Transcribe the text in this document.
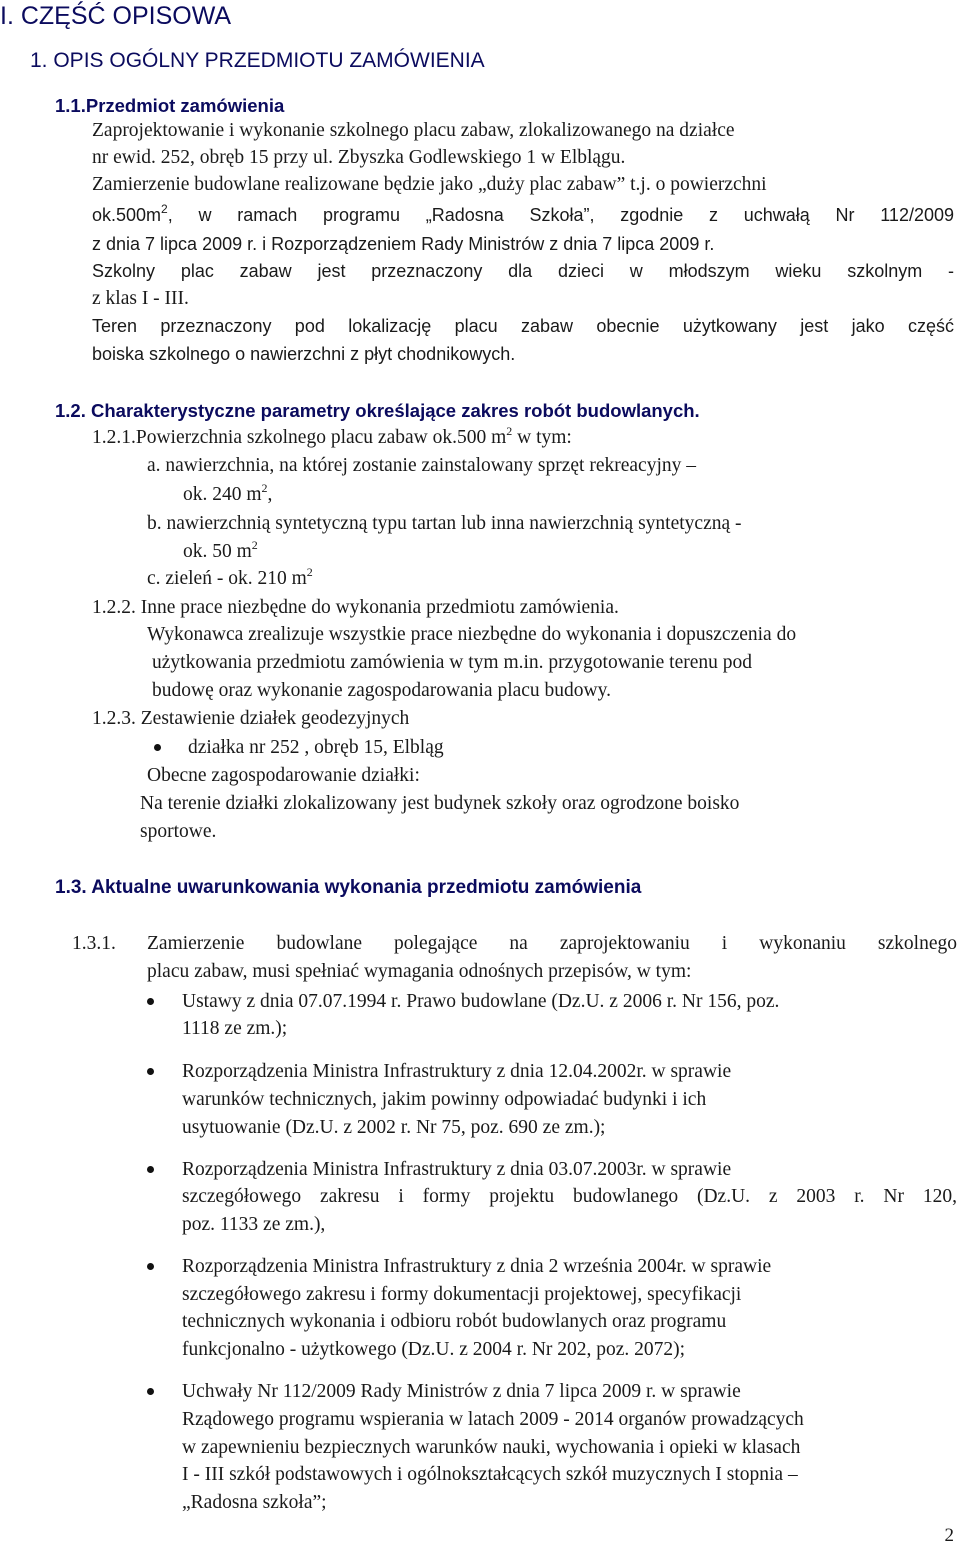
I. CZĘŚĆ OPISOWA
1. OPIS OGÓLNY PRZEDMIOTU ZAMÓWIENIA
1.1.Przedmiot zamówienia
Zaprojektowanie i wykonanie szkolnego placu zabaw, zlokalizowanego na działce
nr ewid. 252, obręb 15 przy ul. Zbyszka Godlewskiego 1 w Elblągu.
Zamierzenie budowlane realizowane będzie jako „duży plac zabaw” t.j. o powierzchni
$ok.500m^2$, w ramach programu „Radosna Szkoła”, zgodnie z uchwałą Nr 112/2009
z dnia 7 lipca 2009 r. i Rozporządzeniem Rady Ministrów z dnia 7 lipca 2009 r.
Szkolny plac zabaw jest przeznaczony dla dzieci w młodszym wieku szkolnym -
z klas I - III.
Teren przeznaczony pod lokalizację placu zabaw obecnie użytkowany jest jako część
boiska szkolnego o nawierzchni z płyt chodnikowych.
1.2. Charakterystyczne parametry określające zakres robót budowlanych.
1.2.1.Powierzchnia szkolnego placu zabaw ok.500 $m^2$ w tym:
a. nawierzchnia, na której zostanie zainstalowany sprzęt rekreacyjny –
ok. 240 $m^2$,
b. nawierzchnią syntetyczną typu tartan lub inna nawierzchnią syntetyczną -
ok. 50 $m^2$
c. zieleń - ok. 210 $m^2$
1.2.2. Inne prace niezbędne do wykonania przedmiotu zamówienia.
Wykonawca zrealizuje wszystkie prace niezbędne do wykonania i dopuszczenia do
użytkowania przedmiotu zamówienia w tym m.in. przygotowanie terenu pod
budowę oraz wykonanie zagospodarowania placu budowy.
1.2.3. Zestawienie działek geodezyjnych
działka nr 252 , obręb 15, Elbląg
Obecne zagospodarowanie działki:
Na terenie działki zlokalizowany jest budynek szkoły oraz ogrodzone boisko
sportowe.
1.3. Aktualne uwarunkowania wykonania przedmiotu zamówienia
1.3.1. Zamierzenie budowlane polegające na zaprojektowaniu i wykonaniu szkolnego
placu zabaw, musi spełniać wymagania odnośnych przepisów, w tym:
Ustawy z dnia 07.07.1994 r. Prawo budowlane (Dz.U. z 2006 r. Nr 156, poz.
1118 ze zm.);
Rozporządzenia Ministra Infrastruktury z dnia 12.04.2002r. w sprawie
warunków technicznych, jakim powinny odpowiadać budynki i ich
usytuowanie (Dz.U. z 2002 r. Nr 75, poz. 690 ze zm.);
Rozporządzenia Ministra Infrastruktury z dnia 03.07.2003r. w sprawie
szczegółowego zakresu i formy projektu budowlanego (Dz.U. z 2003 r. Nr 120,
poz. 1133 ze zm.),
Rozporządzenia Ministra Infrastruktury z dnia 2 września 2004r. w sprawie
szczegółowego zakresu i formy dokumentacji projektowej, specyfikacji
technicznych wykonania i odbioru robót budowlanych oraz programu
funkcjonalno - użytkowego (Dz.U. z 2004 r. Nr 202, poz. 2072);
Uchwały Nr 112/2009 Rady Ministrów z dnia 7 lipca 2009 r. w sprawie
Rządowego programu wspierania w latach 2009 - 2014 organów prowadzących
w zapewnieniu bezpiecznych warunków nauki, wychowania i opieki w klasach
I - III szkół podstawowych i ogólnokształcących szkół muzycznych I stopnia –
„Radosna szkoła”;
2
